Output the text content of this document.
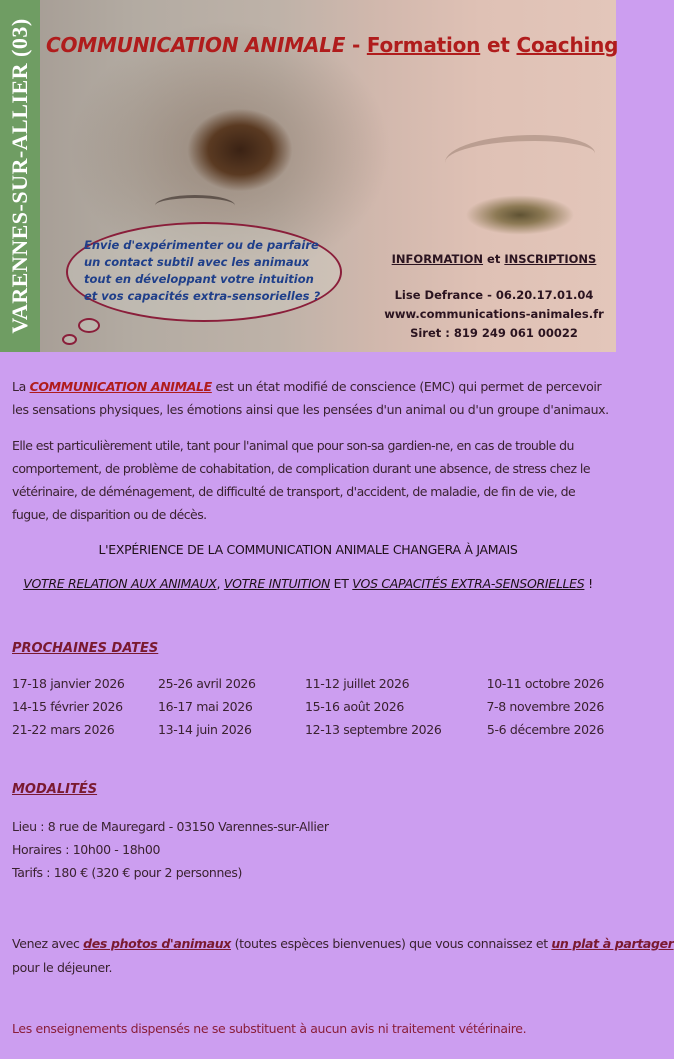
VARENNES-SUR-ALLIER (03) COMMUNICATION ANIMALE - Formation et Coaching
Envie d'expérimenter ou de parfaire
un contact subtil avec les animaux
tout en développant votre intuition
et vos capacités extra-sensorielles ?
INFORMATION et INSCRIPTIONS
Lise Defrance - 06.20.17.01.04
www.communications-animales.fr
Siret : 819 249 061 00022
La COMMUNICATION ANIMALE est un état modifié de conscience (EMC) qui permet de percevoir les sensations physiques, les émotions ainsi que les pensées d'un animal ou d'un groupe d'animaux.
Elle est particulièrement utile, tant pour l'animal que pour son-sa gardien-ne, en cas de trouble du comportement, de problème de cohabitation, de complication durant une absence, de stress chez le vétérinaire, de déménagement, de difficulté de transport, d'accident, de maladie, de fin de vie, de fugue, de disparition ou de décès.
L'EXPÉRIENCE DE LA COMMUNICATION ANIMALE CHANGERA À JAMAIS
VOTRE RELATION AUX ANIMAUX, VOTRE INTUITION ET VOS CAPACITÉS EXTRA-SENSORIELLES !
PROCHAINES DATES
17-18 janvier 2026
14-15 février 2026
21-22 mars 2026
25-26 avril 2026
16-17 mai 2026
13-14 juin 2026
11-12 juillet 2026
15-16 août 2026
12-13 septembre 2026
10-11 octobre 2026
7-8 novembre 2026
5-6 décembre 2026
MODALITÉS
Lieu : 8 rue de Mauregard - 03150 Varennes-sur-Allier
Horaires : 10h00 - 18h00
Tarifs : 180 € (320 € pour 2 personnes)
Venez avec des photos d'animaux (toutes espèces bienvenues) que vous connaissez et un plat à partager
pour le déjeuner.
Les enseignements dispensés ne se substituent à aucun avis ni traitement vétérinaire.
